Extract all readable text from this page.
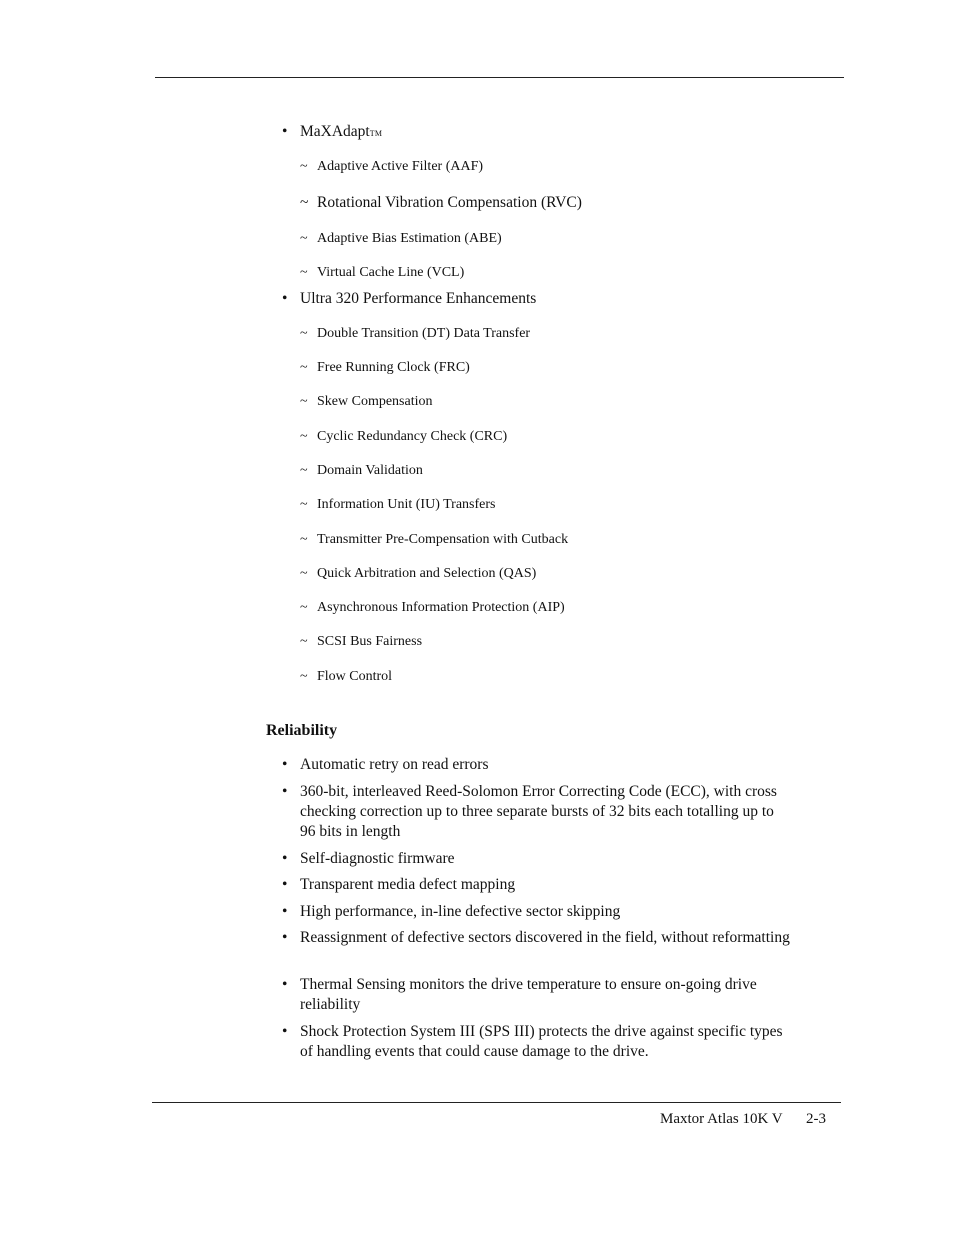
• MaXAdaptTM
~ Adaptive Active Filter (AAF)
~ Rotational Vibration Compensation (RVC)
~ Adaptive Bias Estimation (ABE)
~ Virtual Cache Line (VCL)
• Ultra 320 Performance Enhancements
~ Double Transition (DT) Data Transfer
~ Free Running Clock (FRC)
~ Skew Compensation
~ Cyclic Redundancy Check (CRC)
~ Domain Validation
~ Information Unit (IU) Transfers
~ Transmitter Pre-Compensation with Cutback
~ Quick Arbitration and Selection (QAS)
~ Asynchronous Information Protection (AIP)
~ SCSI Bus Fairness
~ Flow Control
Reliability
• Automatic retry on read errors
• 360-bit, interleaved Reed-Solomon Error Correcting Code (ECC), with cross checking correction up to three separate bursts of 32 bits each totalling up to 96 bits in length
• Self-diagnostic firmware
• Transparent media defect mapping
• High performance, in-line defective sector skipping
• Reassignment of defective sectors discovered in the field, without reformatting
• Thermal Sensing monitors the drive temperature to ensure on-going drive reliability
• Shock Protection System III (SPS III) protects the drive against specific types of handling events that could cause damage to the drive.
Maxtor Atlas 10K V 2-3
